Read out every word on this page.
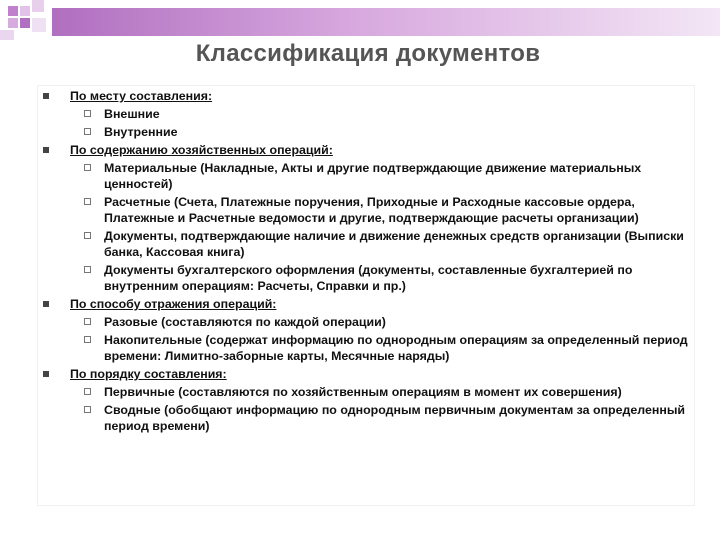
Классификация документов
По месту составления:
Внешние
Внутренние
По содержанию хозяйственных операций:
Материальные (Накладные, Акты и другие подтверждающие движение материальных ценностей)
Расчетные (Счета, Платежные поручения, Приходные и Расходные кассовые ордера, Платежные и Расчетные ведомости и другие, подтверждающие расчеты организации)
Документы, подтверждающие наличие и движение денежных средств организации (Выписки банка, Кассовая книга)
Документы бухгалтерского оформления (документы, составленные бухгалтерией по внутренним операциям: Расчеты, Справки и пр.)
По способу отражения операций:
Разовые (составляются по каждой операции)
Накопительные (содержат информацию по однородным операциям за определенный период времени: Лимитно-заборные карты, Месячные наряды)
По порядку составления:
Первичные (составляются по хозяйственным операциям в момент их совершения)
Сводные (обобщают информацию по однородным первичным документам за определенный период времени)
